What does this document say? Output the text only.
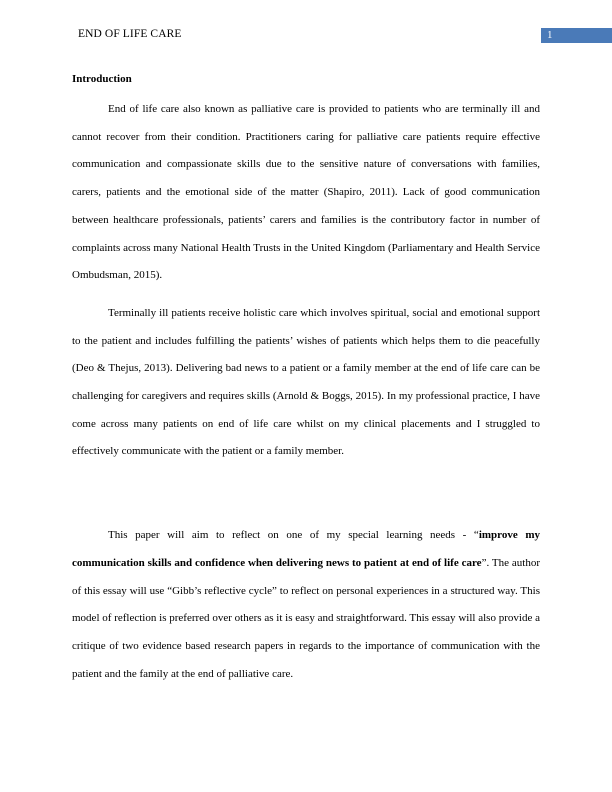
END OF LIFE CARE	1
Introduction

End of life care also known as palliative care is provided to patients who are terminally ill and cannot recover from their condition. Practitioners caring for palliative care patients require effective communication and compassionate skills due to the sensitive nature of conversations with families, carers, patients and the emotional side of the matter (Shapiro, 2011). Lack of good communication between healthcare professionals, patients’ carers and families is the contributory factor in number of complaints across many National Health Trusts in the United Kingdom (Parliamentary and Health Service Ombudsman, 2015).

Terminally ill patients receive holistic care which involves spiritual, social and emotional support to the patient and includes fulfilling the patients’ wishes of patients which helps them to die peacefully (Deo & Thejus, 2013). Delivering bad news to a patient or a family member at the end of life care can be challenging for caregivers and requires skills (Arnold & Boggs, 2015). In my professional practice, I have come across many patients on end of life care whilst on my clinical placements and I struggled to effectively communicate with the patient or a family member.

This paper will aim to reflect on one of my special learning needs - “improve my communication skills and confidence when delivering news to patient at end of life care”. The author of this essay will use “Gibb’s reflective cycle” to reflect on personal experiences in a structured way. This model of reflection is preferred over others as it is easy and straightforward. This essay will also provide a critique of two evidence based research papers in regards to the importance of communication with the patient and the family at the end of palliative care.
